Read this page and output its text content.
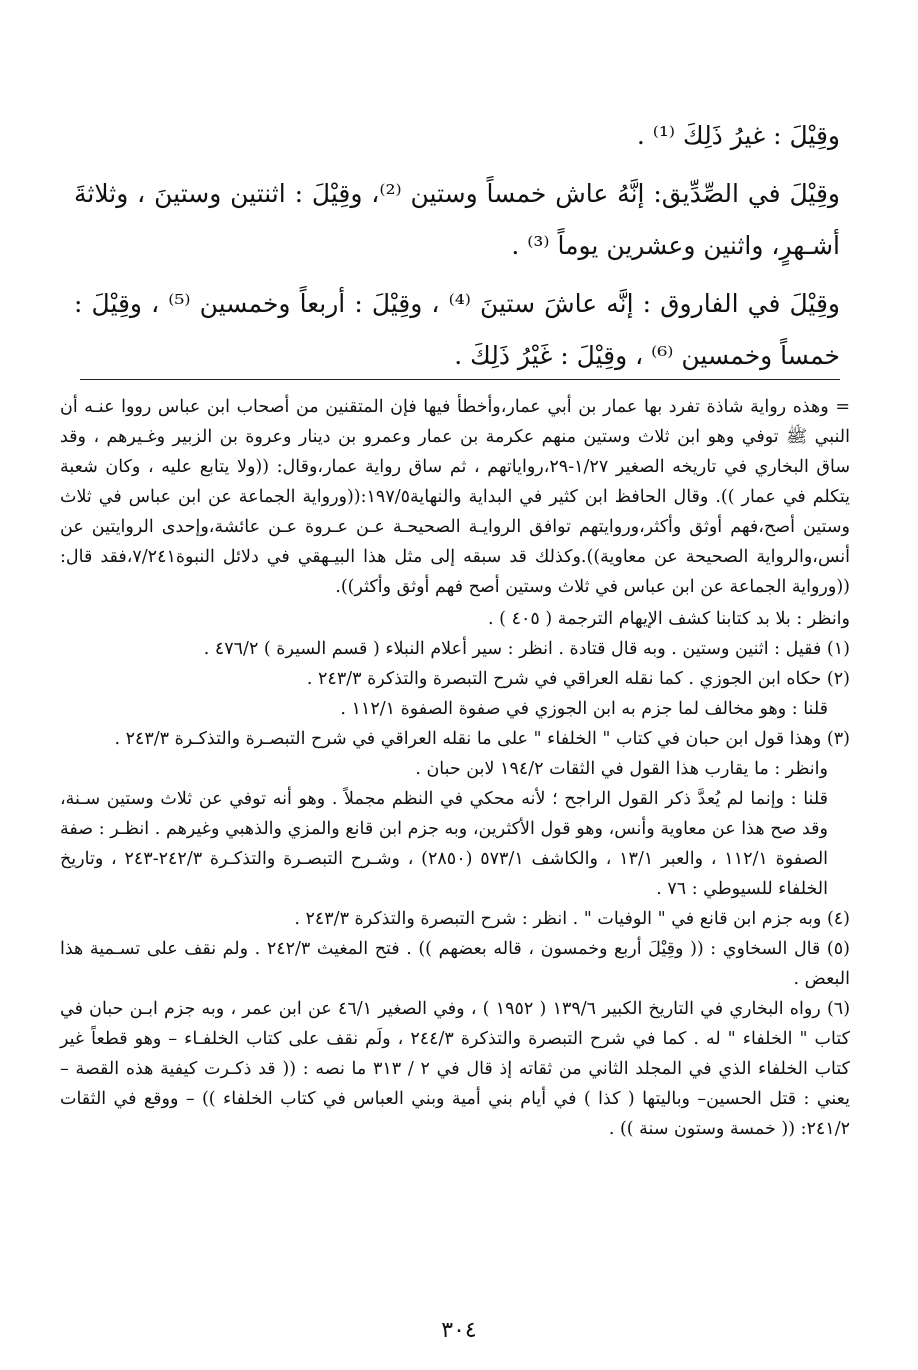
وقِيْلَ : غيرُ ذَلِكَ ⁽¹⁾ .

وقِيْلَ في الصِّدِّيق: إنَّهُ عاش خمساً وستين ⁽²⁾، وقِيْلَ : اثنتين وستينَ ، وثلاثةَ أشـهرٍ، واثنين وعشرين يوماً ⁽³⁾ .

وقِيْلَ في الفاروق : إنَّه عاشَ ستينَ ⁽⁴⁾ ، وقِيْلَ : أربعاً وخمسين ⁽⁵⁾ ، وقِيْلَ : خمساً وخمسين ⁽⁶⁾ ، وقِيْلَ : غَيْرُ ذَلِكَ .

= وهذه رواية شاذة تفرد بها عمار بن أبي عمار،وأخطأ فيها فإن المتقنين من أصحاب ابن عباس رووا عنـه أن النبي ﷺ توفي وهو ابن ثلاث وستين منهم عكرمة بن عمار وعمرو بن دينار وعروة بن الزبير وغـيرهم ، وقد ساق البخاري في تاريخه الصغير ١/٢٧-٢٩،رواياتهم ، ثم ساق رواية عمار،وقال: ((ولا يتابع عليه ، وكان شعبة يتكلم في عمار )). وقال الحافظ ابن كثير في البداية والنهاية١٩٧/٥:((ورواية الجماعة عن ابن عباس في ثلاث وستين أصح،فهم أوثق وأكثر،وروايتهم توافق الروايـة الصحيحـة عـن عـروة عـن عائشة،وإحدى الروايتين عن أنس،والرواية الصحيحة عن معاوية)).وكذلك قد سبقه إلى مثل هذا البيـهقي في دلائل النبوة٧/٢٤١،فقد قال:((ورواية الجماعة عن ابن عباس في ثلاث وستين أصح فهم أوثق وأكثر)).

وانظر : بلا بد كتابنا كشف الإيهام الترجمة ( ٤٠٥ ) .

(١) فقيل : اثنين وستين . وبه قال قتادة . انظر : سير أعلام النبلاء ( قسم السيرة ) ٤٧٦/٢ .

(٢) حكاه ابن الجوزي . كما نقله العراقي في شرح التبصرة والتذكرة ٢٤٣/٣ .

قلنا : وهو مخالف لما جزم به ابن الجوزي في صفوة الصفوة ١١٢/١ .

(٣) وهذا قول ابن حبان في كتاب " الخلفاء " على ما نقله العراقي في شرح التبصـرة والتذكـرة ٢٤٣/٣ .

وانظر : ما يقارب هذا القول في الثقات ١٩٤/٢ لابن حبان .

قلنا : وإنما لم يُعدَّ ذكر القول الراجح ؛ لأنه محكي في النظم مجملاً . وهو أنه توفي عن ثلاث وستين سـنة، وقد صح هذا عن معاوية وأنس، وهو قول الأكثرين، وبه جزم ابن قانع والمزي والذهبي وغيرهم . انظـر : صفة الصفوة ١١٢/١ ، والعبر ١٣/١ ، والكاشف ٥٧٣/١ (٢٨٥٠) ، وشـرح التبصـرة والتذكـرة ٢٤٢/٣-٢٤٣ ، وتاريخ الخلفاء للسيوطي : ٧٦ .

(٤) وبه جزم ابن قانع في " الوفيات " . انظر : شرح التبصرة والتذكرة ٢٤٣/٣ .

(٥) قال السخاوي : (( وقِيْلَ أربع وخمسون ، قاله بعضهم )) . فتح المغيث ٢٤٢/٣ . ولم نقف على تسـمية هذا البعض .

(٦) رواه البخاري في التاريخ الكبير ١٣٩/٦ ( ١٩٥٢ ) ، وفي الصغير ٤٦/١ عن ابن عمر ، وبه جزم ابـن حبان في كتاب " الخلفاء " له . كما في شرح التبصرة والتذكرة ٢٤٤/٣ ، ولَم نقف على كتاب الخلفـاء – وهو قطعاً غير كتاب الخلفاء الذي في المجلد الثاني من ثقاته إذ قال في ٢ / ٣١٣ ما نصه : (( قد ذكـرت كيفية هذه القصة – يعني : قتل الحسين– وباليتها ( كذا ) في أيام بني أمية وبني العباس في كتاب الخلفاء )) – ووقع في الثقات ٢٤١/٢: (( خمسة وستون سنة )) .

٣٠٤
